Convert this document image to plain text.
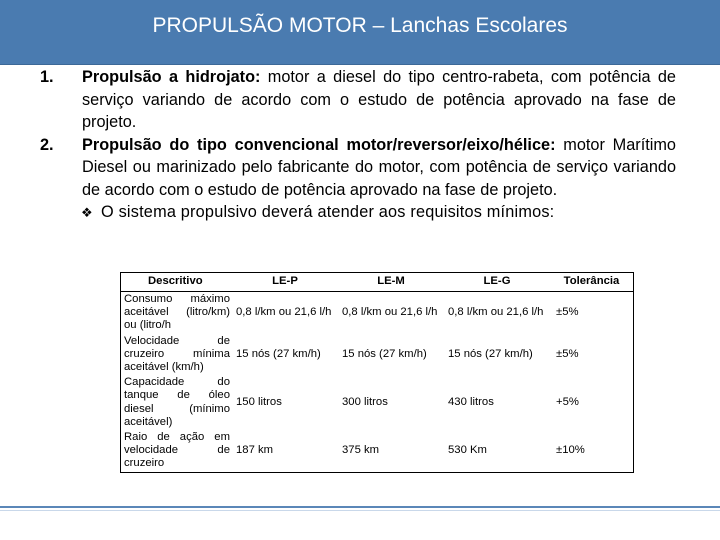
PROPULSÃO MOTOR – Lanchas Escolares
1. Propulsão a hidrojato: motor a diesel do tipo centro-rabeta, com potência de serviço variando de acordo com o estudo de potência aprovado na fase de projeto.
2. Propulsão do tipo convencional motor/reversor/eixo/hélice: motor Marítimo Diesel ou marinizado pelo fabricante do motor, com potência de serviço variando de acordo com o estudo de potência aprovado na fase de projeto.
❖ O sistema propulsivo deverá atender aos requisitos mínimos:
Descritivo	LE-P	LE-M	LE-G	Tolerância
Consumo máximo aceitável (litro/km) ou (litro/h	0,8 l/km ou 21,6 l/h	0,8 l/km ou 21,6 l/h	0,8 l/km ou 21,6 l/h	±5%
Velocidade de cruzeiro mínima aceitável (km/h)	15 nós (27 km/h)	15 nós (27 km/h)	15 nós (27 km/h)	±5%
Capacidade do tanque de óleo diesel (mínimo aceitável)	150 litros	300 litros	430 litros	+5%
Raio de ação em velocidade de cruzeiro	187 km	375 km	530 Km	±10%
